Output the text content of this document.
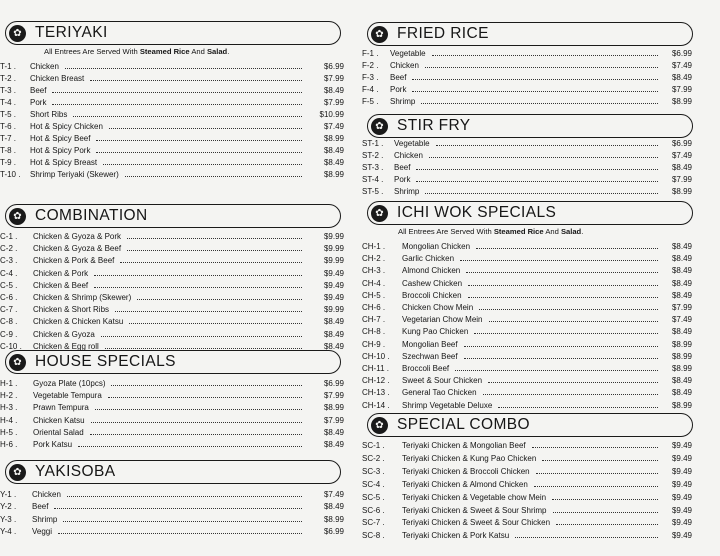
✿ TERIYAKI
All Entrees Are Served With Steamed Rice And Salad.
T-1 . Chicken	$6.99
T-2 . Chicken Breast	$7.99
T-3 . Beef	$8.49
T-4 . Pork	$7.99
T-5 . Short Ribs	$10.99
T-6 . Hot & Spicy Chicken	$7.49
T-7 . Hot & Spicy Beef	$8.99
T-8 . Hot & Spicy Pork	$8.49
T-9 . Hot & Spicy Breast	$8.49
T-10 . Shrimp Teriyaki (Skewer)	$8.99
✿ COMBINATION
C-1 . Chicken & Gyoza & Pork	$9.99
C-2 . Chicken & Gyoza & Beef	$9.99
C-3 . Chicken & Pork & Beef	$9.99
C-4 . Chicken & Pork	$9.49
C-5 . Chicken & Beef	$9.49
C-6 . Chicken & Shrimp (Skewer)	$9.49
C-7 . Chicken & Short Ribs	$9.99
C-8 . Chicken & Chicken Katsu	$8.49
C-9 . Chicken & Gyoza	$8.49
C-10 . Chicken & Egg roll	$8.49
✿ HOUSE SPECIALS
H-1 . Gyoza Plate (10pcs)	$6.99
H-2 . Vegetable Tempura	$7.99
H-3 . Prawn Tempura	$8.99
H-4 . Chicken Katsu	$7.99
H-5 . Oriental Salad	$8.49
H-6 . Pork Katsu	$8.49
✿ YAKISOBA
Y-1 . Chicken	$7.49
Y-2 . Beef	$8.49
Y-3 . Shrimp	$8.99
Y-4 . Veggi	$6.99
✿ FRIED RICE
F-1 . Vegetable	$6.99
F-2 . Chicken	$7.49
F-3 . Beef	$8.49
F-4 . Pork	$7.99
F-5 . Shrimp	$8.99
✿ STIR FRY
ST-1 . Vegetable	$6.99
ST-2 . Chicken	$7.49
ST-3 . Beef	$8.49
ST-4 . Pork	$7.99
ST-5 . Shrimp	$8.99
✿ ICHI WOK SPECIALS
All Entrees Are Served With Steamed Rice And Salad.
CH-1 . Mongolian Chicken	$8.49
CH-2 . Garlic Chicken	$8.49
CH-3 . Almond Chicken	$8.49
CH-4 . Cashew Chicken	$8.49
CH-5 . Broccoli Chicken	$8.49
CH-6 . Chicken Chow Mein	$7.99
CH-7 . Vegetarian Chow Mein	$7.49
CH-8 . Kung Pao Chicken	$8.49
CH-9 . Mongolian Beef	$8.99
CH-10 . Szechwan Beef	$8.99
CH-11 . Broccoli Beef	$8.99
CH-12 . Sweet & Sour Chicken	$8.49
CH-13 . General Tao Chicken	$8.49
CH-14 . Shrimp Vegetable Deluxe	$8.99
✿ SPECIAL COMBO
SC-1 . Teriyaki Chicken & Mongolian Beef	$9.49
SC-2 . Teriyaki Chicken & Kung Pao Chicken	$9.49
SC-3 . Teriyaki Chicken & Broccoli Chicken	$9.49
SC-4 . Teriyaki Chicken & Almond Chicken	$9.49
SC-5 . Teriyaki Chicken & Vegetable chow Mein	$9.49
SC-6 . Teriyaki Chicken & Sweet & Sour Shrimp	$9.49
SC-7 . Teriyaki Chicken & Sweet & Sour Chicken	$9.49
SC-8 . Teriyaki Chicken & Pork Katsu	$9.49
